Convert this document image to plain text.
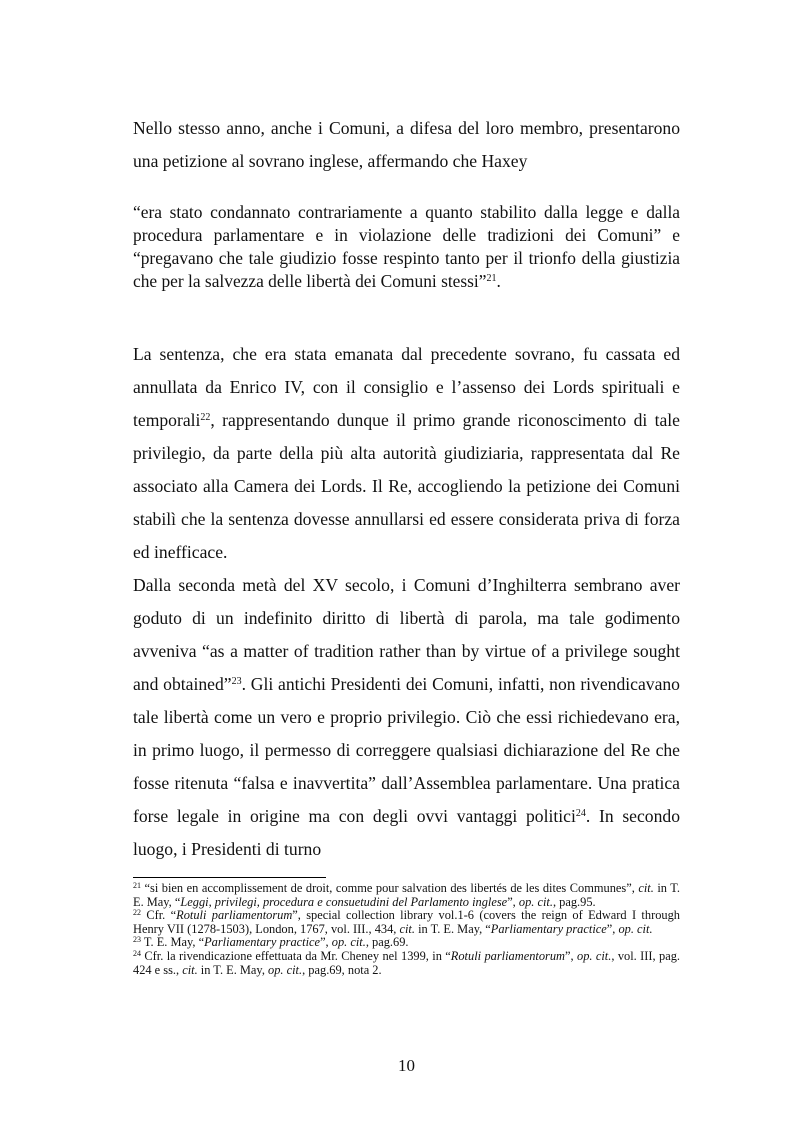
Nello stesso anno, anche i Comuni, a difesa del loro membro, presentarono una petizione al sovrano inglese, affermando che Haxey

“era stato condannato contrariamente a quanto stabilito dalla legge e dalla procedura parlamentare e in violazione delle tradizioni dei Comuni” e “pregavano che tale giudizio fosse respinto tanto per il trionfo della giustizia che per la salvezza delle libertà dei Comuni stessi”$^{21}$.

La sentenza, che era stata emanata dal precedente sovrano, fu cassata ed annullata da Enrico IV, con il consiglio e l’assenso dei Lords spirituali e temporali$^{22}$, rappresentando dunque il primo grande riconoscimento di tale privilegio, da parte della più alta autorità giudiziaria, rappresentata dal Re associato alla Camera dei Lords. Il Re, accogliendo la petizione dei Comuni stabilì che la sentenza dovesse annullarsi ed essere considerata priva di forza ed inefficace.
Dalla seconda metà del XV secolo, i Comuni d’Inghilterra sembrano aver goduto di un indefinito diritto di libertà di parola, ma tale godimento avveniva “as a matter of tradition rather than by virtue of a privilege sought and obtained”$^{23}$. Gli antichi Presidenti dei Comuni, infatti, non rivendicavano tale libertà come un vero e proprio privilegio. Ciò che essi richiedevano era, in primo luogo, il permesso di correggere qualsiasi dichiarazione del Re che fosse ritenuta “falsa e inavvertita” dall’Assemblea parlamentare. Una pratica forse legale in origine ma con degli ovvi vantaggi politici$^{24}$. In secondo luogo, i Presidenti di turno

$^{21}$ “si bien en accomplissement de droit, comme pour salvation des libertés de les dites Communes”, cit. in T. E. May, “Leggi, privilegi, procedura e consuetudini del Parlamento inglese”, op. cit., pag.95.

$^{22}$ Cfr. “Rotuli parliamentorum”, special collection library vol.1-6 (covers the reign of Edward I through Henry VII (1278-1503), London, 1767, vol. III., 434, cit. in T. E. May, “Parliamentary practice”, op. cit.

$^{23}$ T. E. May, “Parliamentary practice”, op. cit., pag.69.

$^{24}$ Cfr. la rivendicazione effettuata da Mr. Cheney nel 1399, in “Rotuli parliamentorum”, op. cit., vol. III, pag. 424 e ss., cit. in T. E. May, op. cit., pag.69, nota 2.

10
